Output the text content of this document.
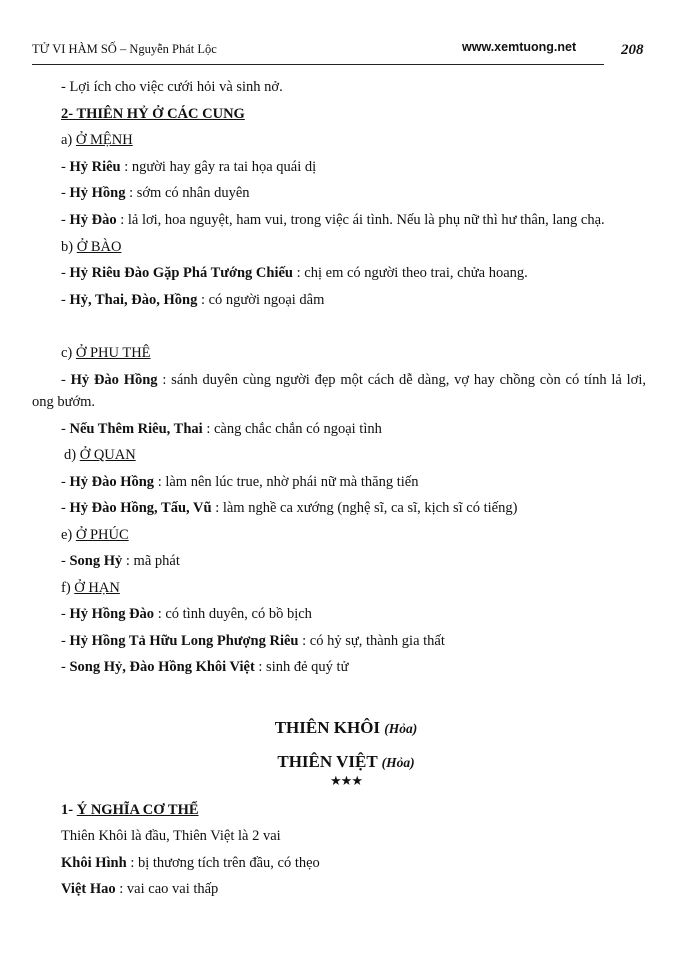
TỬ VI HÀM SỐ – Nguyễn Phát Lộc	www.xemtuong.net	208
- Lợi ích cho việc cưới hỏi và sinh nở.
2- THIÊN HỶ Ở CÁC CUNG
a) Ở MỆNH
- Hỷ Riêu : người hay gây ra tai họa quái dị
- Hỷ Hồng : sớm có nhân duyên
- Hỷ Đào : lả lơi, hoa nguyệt, ham vui, trong việc ái tình. Nếu là phụ nữ thì hư thân, lang chạ.
b) Ở BÀO
- Hỷ Riêu Đào Gặp Phá Tướng Chiếu : chị em có người theo trai, chửa hoang.
- Hỷ, Thai, Đào, Hồng : có người ngoại dâm
c) Ở PHU THÊ
- Hỷ Đào Hồng : sánh duyên cùng người đẹp một cách dễ dàng, vợ hay chồng còn có tính lả lơi, ong bướm.
- Nếu Thêm Riêu, Thai : càng chắc chắn có ngoại tình
d) Ở QUAN
- Hỷ Đào Hồng : làm nên lúc true, nhờ phái nữ mà thăng tiến
- Hỷ Đào Hồng, Tấu, Vũ : làm nghề ca xướng (nghệ sĩ, ca sĩ, kịch sĩ có tiếng)
e) Ở PHÚC
- Song Hỷ : mã phát
f) Ở HẠN
- Hỷ Hồng Đào : có tình duyên, có bồ bịch
- Hỷ Hồng Tả Hữu Long Phượng Riêu : có hỷ sự, thành gia thất
- Song Hỷ, Đào Hồng Khôi Việt : sinh đẻ quý tử
THIÊN KHÔI (Hỏa)
THIÊN VIỆT (Hỏa)
★★★
1- Ý NGHĨA CƠ THỂ
Thiên Khôi là đầu, Thiên Việt là 2 vai
Khôi Hình : bị thương tích trên đầu, có thẹo
Việt Hao : vai cao vai thấp
